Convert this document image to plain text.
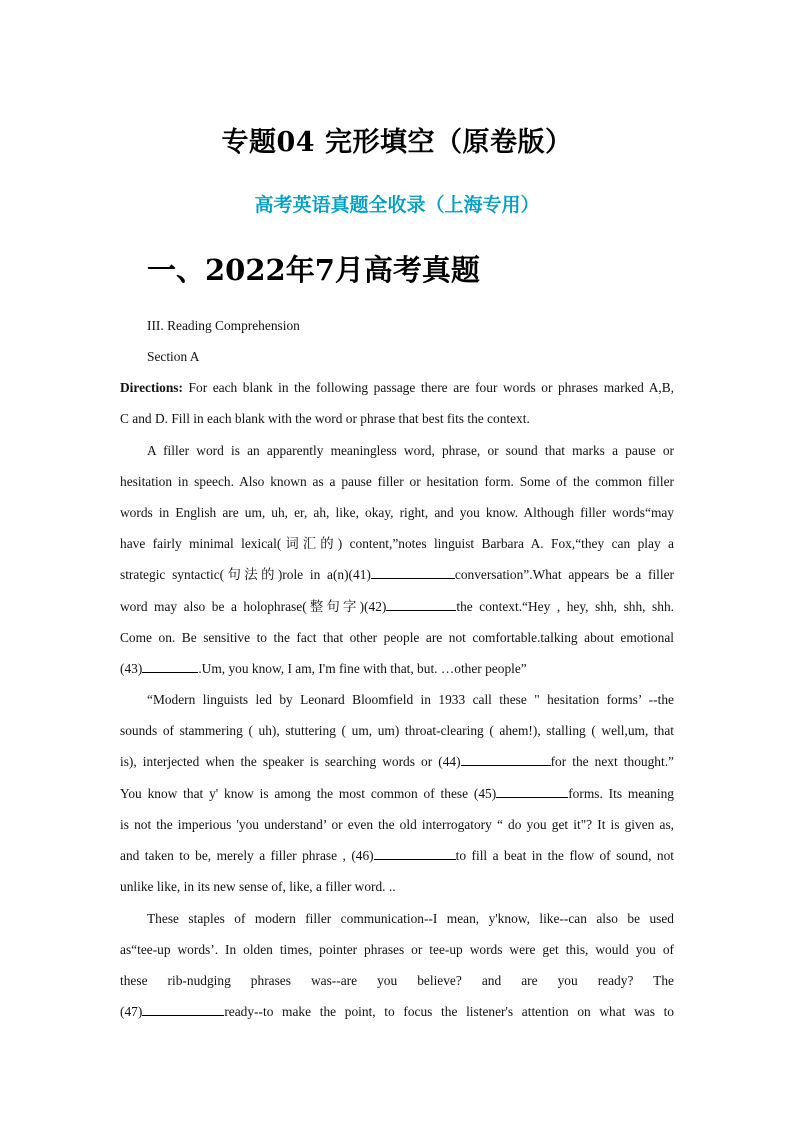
专题04 完形填空（原卷版）
高考英语真题全收录（上海专用）
一、2022年7月高考真题
III. Reading Comprehension
Section A
Directions: For each blank in the following passage there are four words or phrases marked A,B,
C and D. Fill in each blank with the word or phrase that best fits the context.
A filler word is an apparently meaningless word, phrase, or sound that marks a pause or
hesitation in speech. Also known as a pause filler or hesitation form. Some of the common filler
words in English are um, uh, er, ah, like, okay, right, and you know. Although filler words“may
have fairly minimal lexical(词汇的) content,”notes linguist Barbara A. Fox,“they can play a
strategic syntactic(句法的)role in a(n)(41)	conversation”.What appears be a filler
word may also be a holophrase(整句字)(42)	the context.“Hey , hey, shh, shh, shh.
Come on. Be sensitive to the fact that other people are not comfortable.talking about emotional
(43)	.Um, you know, I am, I'm fine with that, but. …other people”
“Modern linguists led by Leonard Bloomfield in 1933 call these " hesitation forms’ --the
sounds of stammering ( uh), stuttering ( um, um) throat-clearing ( ahem!), stalling ( well,um, that
is), interjected when the speaker is searching words or (44)	for the next thought.”
You know that y' know is among the most common of these (45)	forms. Its meaning
is not the imperious 'you understand’ or even the old interrogatory “ do you get it"? It is given as,
and taken to be, merely a filler phrase , (46)	to fill a beat in the flow of sound, not
unlike like, in its new sense of, like, a filler word. ..
These staples of modern filler communication--I mean, y'know, like--can also be used
as“tee-up words’. In olden times, pointer phrases or tee-up words were get this, would you of
these rib-nudging phrases was--are you believe? and are you ready? The
(47)	ready--to make the point, to focus the listener's attention on what was to
